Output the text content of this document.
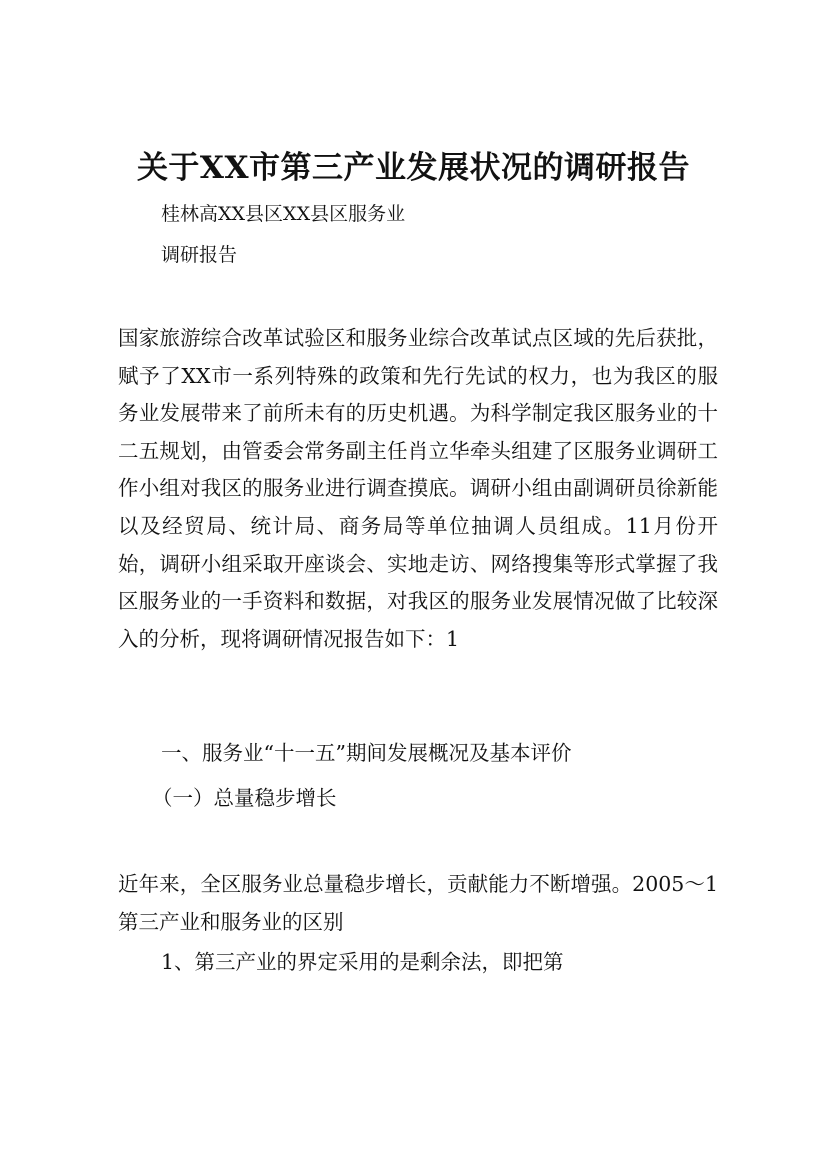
关于XX市第三产业发展状况的调研报告
桂林高XX县区XX县区服务业
调研报告

国家旅游综合改革试验区和服务业综合改革试点区域的先后获批，赋予了XX市一系列特殊的政策和先行先试的权力，也为我区的服务业发展带来了前所未有的历史机遇。为科学制定我区服务业的十二五规划，由管委会常务副主任肖立华牵头组建了区服务业调研工作小组对我区的服务业进行调查摸底。调研小组由副调研员徐新能以及经贸局、统计局、商务局等单位抽调人员组成。11月份开始，调研小组采取开座谈会、实地走访、网络搜集等形式掌握了我区服务业的一手资料和数据，对我区的服务业发展情况做了比较深入的分析，现将调研情况报告如下：1

一、服务业“十一五”期间发展概况及基本评价
（一）总量稳步增长

近年来，全区服务业总量稳步增长，贡献能力不断增强。2005～1第三产业和服务业的区别

1、第三产业的界定采用的是剩余法，即把第
